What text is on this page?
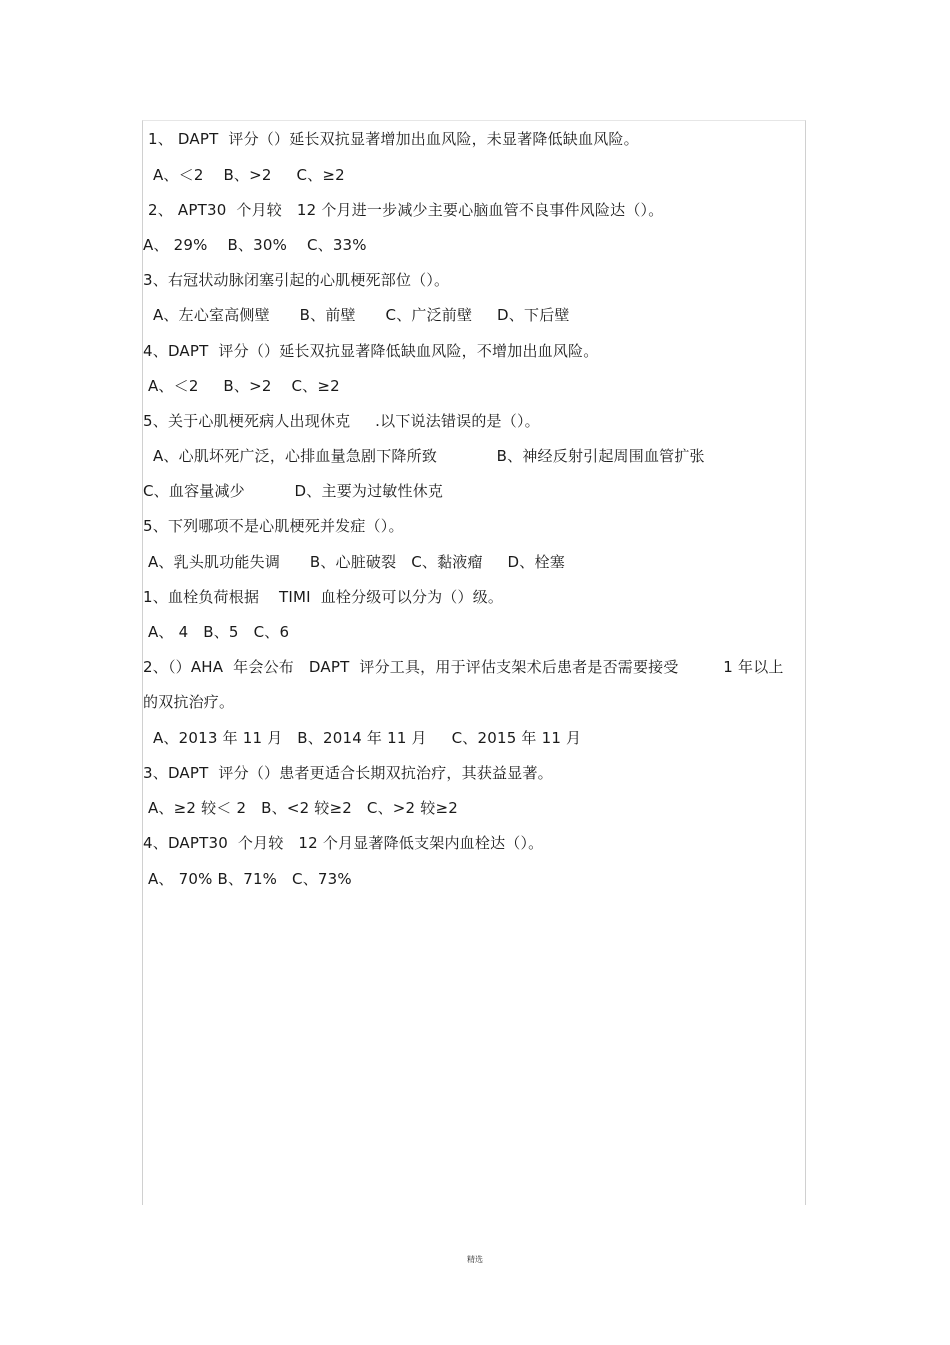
1、 DAPT  评分（）延长双抗显著增加出血风险，未显著降低缺血风险。
A、＜2    B、>2     C、≥2
2、 APT30  个月较   12 个月进一步减少主要心脑血管不良事件风险达（）。
A、 29%    B、30%    C、33%
3、右冠状动脉闭塞引起的心肌梗死部位（）。
A、左心室高侧壁      B、前壁      C、广泛前壁     D、下后壁
4、DAPT  评分（）延长双抗显著降低缺血风险，不增加出血风险。
A、＜2     B、>2    C、≥2
5、关于心肌梗死病人出现休克     .以下说法错误的是（）。
A、心肌坏死广泛，心排血量急剧下降所致            B、神经反射引起周围血管扩张
C、血容量减少          D、主要为过敏性休克
5、下列哪项不是心肌梗死并发症（）。
A、乳头肌功能失调      B、心脏破裂   C、黏液瘤     D、栓塞
1、血栓负荷根据    TIMI  血栓分级可以分为（）级。
A、 4   B、5   C、6
2、（）AHA  年会公布   DAPT  评分工具，用于评估支架术后患者是否需要接受         1 年以上
的双抗治疗。
A、2013 年 11 月   B、2014 年 11 月     C、2015 年 11 月
3、DAPT  评分（）患者更适合长期双抗治疗，其获益显著。
A、≥2 较＜ 2   B、<2 较≥2   C、>2 较≥2
4、DAPT30  个月较   12 个月显著降低支架内血栓达（）。
A、 70% B、71%   C、73%
精选
